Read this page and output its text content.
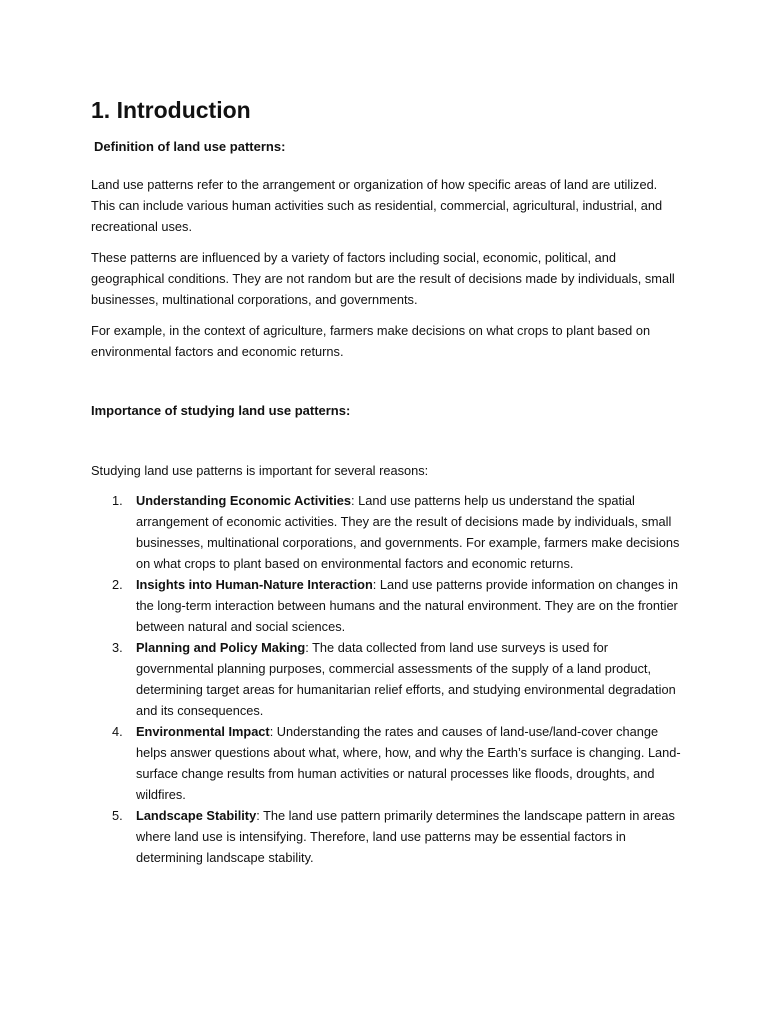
1. Introduction
Definition of land use patterns:

Land use patterns refer to the arrangement or organization of how specific areas of land are utilized. This can include various human activities such as residential, commercial, agricultural, industrial, and recreational uses.

These patterns are influenced by a variety of factors including social, economic, political, and geographical conditions. They are not random but are the result of decisions made by individuals, small businesses, multinational corporations, and governments.

For example, in the context of agriculture, farmers make decisions on what crops to plant based on environmental factors and economic returns.

Importance of studying land use patterns:

Studying land use patterns is important for several reasons:

1. Understanding Economic Activities: Land use patterns help us understand the spatial arrangement of economic activities. They are the result of decisions made by individuals, small businesses, multinational corporations, and governments. For example, farmers make decisions on what crops to plant based on environmental factors and economic returns.
2. Insights into Human-Nature Interaction: Land use patterns provide information on changes in the long-term interaction between humans and the natural environment. They are on the frontier between natural and social sciences.
3. Planning and Policy Making: The data collected from land use surveys is used for governmental planning purposes, commercial assessments of the supply of a land product, determining target areas for humanitarian relief efforts, and studying environmental degradation and its consequences.
4. Environmental Impact: Understanding the rates and causes of land-use/land-cover change helps answer questions about what, where, how, and why the Earth’s surface is changing. Land-surface change results from human activities or natural processes like floods, droughts, and wildfires.
5. Landscape Stability: The land use pattern primarily determines the landscape pattern in areas where land use is intensifying. Therefore, land use patterns may be essential factors in determining landscape stability.
